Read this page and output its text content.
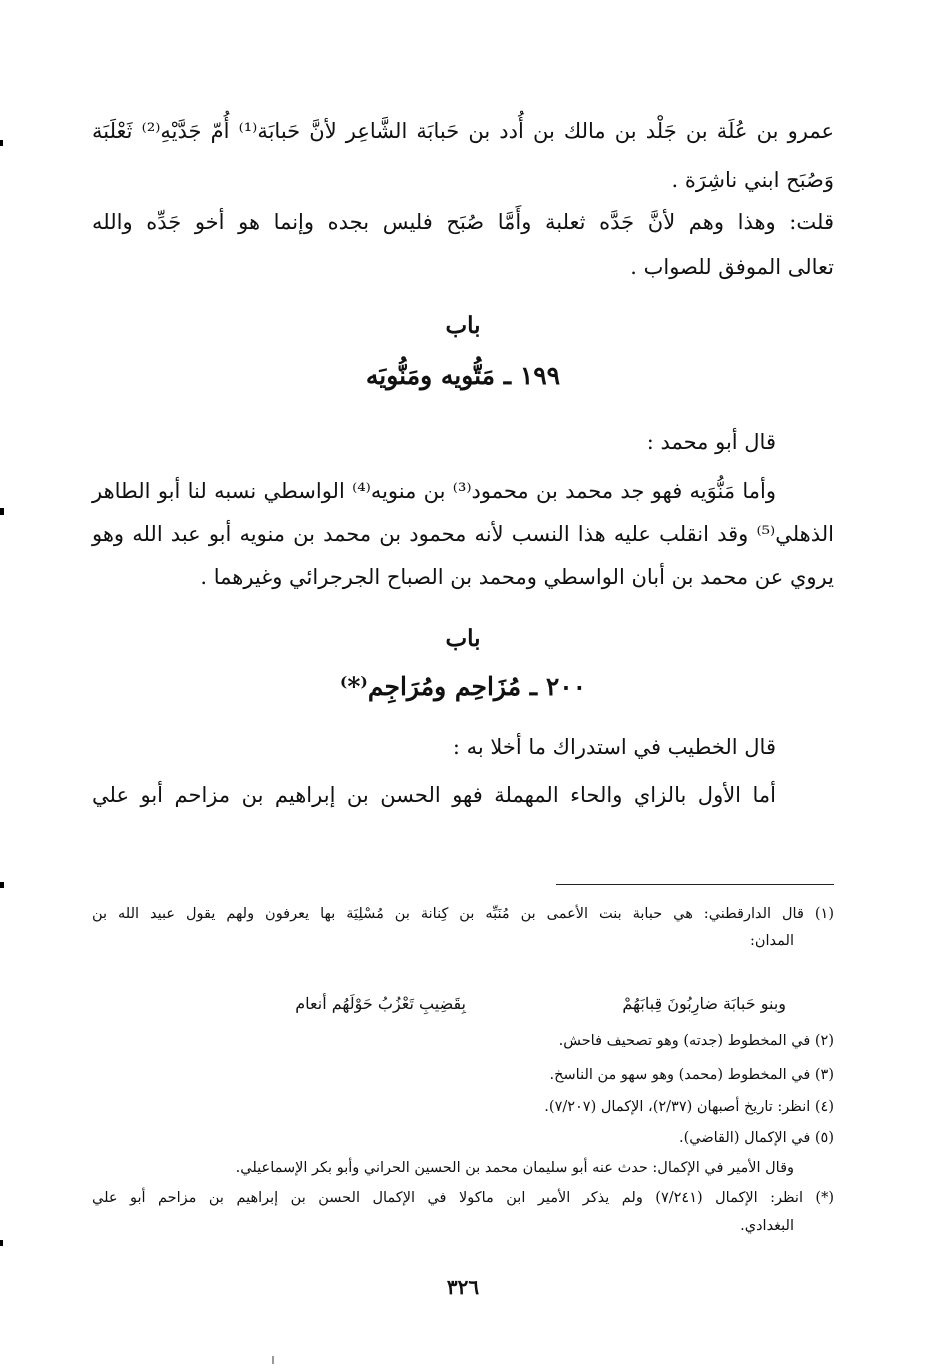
عمرو بن عُلَة بن جَلْد بن مالك بن أُدد بن حَبابَة الشَّاعِر لأنَّ حَبابَة⁽¹⁾ أُمّ جَدَّيْهِ⁽²⁾ ثَعْلَبَة

وَصُبَح ابني ناشِرَة .

قلت: وهذا وهم لأنَّ جَدَّه ثعلبة وأَمَّا صُبَح فليس بجده وإنما هو أخو جَدِّه والله

تعالى الموفق للصواب .

باب

١٩٩ ـ مَتُّويه ومَنُّويَه

قال أبو محمد :

وأما مَنُّوَيه فهو جد محمد بن محمود⁽³⁾ بن منويه⁽⁴⁾ الواسطي نسبه لنا أبو الطاهر

الذهلي⁽⁵⁾ وقد انقلب عليه هذا النسب لأنه محمود بن محمد بن منويه أبو عبد الله وهو

يروي عن محمد بن أبان الواسطي ومحمد بن الصباح الجرجرائي وغيرهما .

باب

٢٠٠ ـ مُزَاحِم ومُرَاجِم⁽*⁾

قال الخطيب في استدراك ما أخلا به :

أما الأول بالزاي والحاء المهملة فهو الحسن بن إبراهيم بن مزاحم أبو علي

(١) قال الدارقطني: هي حبابة بنت الأعمى بن مُنَبِّه بن كِنانة بن مُسْلِيَة بها يعرفون ولهم يقول عبيد الله بن

المدان:

وبنو حَبابَة ضارِبُونَ قِبابَهُمْ

بِقَضِيبِ تَعْزُبُ حَوْلَهُم أنعام

(٢) في المخطوط (جدته) وهو تصحيف فاحش.

(٣) في المخطوط (محمد) وهو سهو من الناسخ.

(٤) انظر: تاريخ أصبهان (٢/٣٧)، الإكمال (٧/٢٠٧).

(٥) في الإكمال (القاضي).

وقال الأمير في الإكمال: حدث عنه أبو سليمان محمد بن الحسين الحراني وأبو بكر الإسماعيلي.

(*) انظر: الإكمال (٧/٢٤١) ولم يذكر الأمير ابن ماكولا في الإكمال الحسن بن إبراهيم بن مزاحم أبو علي

البغدادي.

٣٢٦
